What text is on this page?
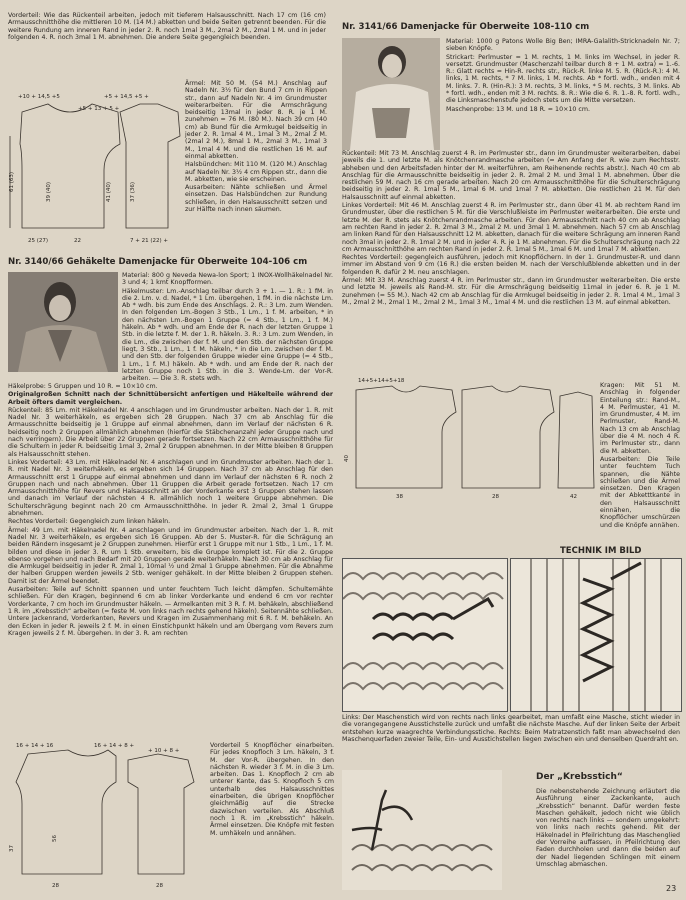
Vorderteil: Wie das Rückenteil arbeiten, jedoch mit tieferem Halsausschnitt. Nach 17 cm (16 cm) Armausschnitthöhe die mittleren 10 M. (14 M.) abketten und beide Seiten getrennt beenden. Für die weitere Rundung am inneren Rand in jeder 2. R. noch 1mal 3 M., 2mal 2 M., 2mal 1 M. und in jeder folgenden 4. R. noch 3mal 1 M. abnehmen. Die andere Seite gegengleich beenden.

Ärmel: Mit 50 M. (54 M.) Anschlag auf Nadeln Nr. 3½ für den Bund 7 cm in Rippen str., dann auf Nadeln Nr. 4 im Grundmuster weiterarbeiten. Für die Armschrägung beidseitig 13mal in jeder 8. R. je 1 M. zunehmen = 76 M. (80 M.). Nach 39 cm (40 cm) ab Bund für die Armkugel beidseitig in jeder 2. R. 1mal 4 M., 1mal 3 M., 2mal 2 M. (2mal 2 M.), 8mal 1 M., 2mal 3 M., 1mal 3 M., 1mal 4 M. und die restlichen 16 M. auf einmal abketten.

Halsbündchen: Mit 110 M. (120 M.) Anschlag auf Nadeln Nr. 3½ 4 cm Rippen str., dann die M. abketten, wie sie erscheinen.

Ausarbeiten: Nähte schließen und Ärmel einsetzen. Das Halsbündchen zur Rundung schließen, in den Halsausschnitt setzen und zur Hälfte nach innen säumen.

+10 + 14,5 +5	+5 + 14,5 +5 +
+5 + 13 + 5 +
61 (63)	39 (40)	41 (40)	37 (36)
25 (27)	22	7 + 21 (22) +
Nr. 3140/66 Gehäkelte Damenjacke für Oberweite 104-106 cm

Material: 800 g Neveda Newa-lon Sport; 1 INOX-Wollhäkelnadel Nr. 3 und 4; 1 kmt Knopfformen.

Häkelmuster: Lm.-Anschlag teilbar durch 3 + 1. — 1. R.: 1 fM. in die 2. Lm. v. d. Nadel, * 1 Lm. übergehen, 1 fM. in die nächste Lm. Ab * wdh. bis zum Ende des Anschlags. 2. R.: 3 Lm. zum Wenden. In den folgenden Lm.-Bogen 3 Stb., 1 Lm., 1 f. M. arbeiten, * in den nächsten Lm.-Bogen 1 Gruppe (= 4 Stb., 1 Lm., 1 f. M.) häkeln. Ab * wdh. und am Ende der R. nach der letzten Gruppe 1 Stb. in die letzte f. M. der 1. R. häkeln. 3. R.: 3 Lm. zum Wenden, in die Lm., die zwischen der f. M. und den Stb. der nächsten Gruppe liegt, 3 Stb., 1 Lm., 1 f. M. häkeln, * in die Lm. zwischen der f. M. und den Stb. der folgenden Gruppe wieder eine Gruppe (= 4 Stb., 1 Lm., 1 f. M.) häkeln. Ab * wdh. und am Ende der R. nach der letzten Gruppe noch 1 Stb. in die 3. Wende-Lm. der Vor-R. arbeiten. — Die 3. R. stets wdh.

Häkelprobe: 5 Gruppen und 10 R. = 10×10 cm.

Originalgroßen Schnitt nach der Schnittübersicht anfertigen und Häkelteile während der Arbeit öfters damit vergleichen.

Rückenteil: 85 Lm. mit Häkelnadel Nr. 4 anschlagen und im Grundmuster arbeiten. Nach der 1. R. mit Nadel Nr. 3 weiterhäkeln, es ergeben sich 28 Gruppen. Nach 37 cm ab Anschlag für die Armausschnitte beidseitig je 1 Gruppe auf einmal abnehmen, dann im Verlauf der nächsten 6 R. beidseitig noch 2 Gruppen allmählich abnehmen (hierfür die Stäbchenanzahl jeder Gruppe nach und nach verringern). Die Arbeit über 22 Gruppen gerade fortsetzen. Nach 22 cm Armausschnitthöhe für die Schultern in jeder R. beidseitig 1mal 3, 2mal 2 Gruppen abnehmen. In der Mitte bleiben 8 Gruppen als Halsausschnitt stehen.

Linkes Vorderteil: 43 Lm. mit Häkelnadel Nr. 4 anschlagen und im Grundmuster arbeiten. Nach der 1. R. mit Nadel Nr. 3 weiterhäkeln, es ergeben sich 14 Gruppen. Nach 37 cm ab Anschlag für den Armausschnitt erst 1 Gruppe auf einmal abnehmen und dann im Verlauf der nächsten 6 R. noch 2 Gruppen nach und nach abnehmen. Über 11 Gruppen die Arbeit gerade fortsetzen. Nach 17 cm Armausschnitthöhe für Revers und Halsausschnitt an der Vorderkante erst 3 Gruppen stehen lassen und danach im Verlauf der nächsten 4 R. allmählich noch 1 weitere Gruppe abnehmen. Die Schulterschrägung beginnt nach 20 cm Armausschnitthöhe. In jeder R. 2mal 2, 3mal 1 Gruppe abnehmen.

Rechtes Vorderteil: Gegengleich zum linken häkeln.

Ärmel: 49 Lm. mit Häkelnadel Nr. 4 anschlagen und im Grundmuster arbeiten. Nach der 1. R. mit Nadel Nr. 3 weiterhäkeln, es ergeben sich 16 Gruppen. Ab der 5. Muster-R. für die Schrägung an beiden Rändern insgesamt je 2 Gruppen zunehmen. Hierfür erst 1 Gruppe mit nur 1 Stb., 1 Lm., 1 f. M. bilden und diese in jeder 3. R. um 1 Stb. erweitern, bis die Gruppe komplett ist. Für die 2. Gruppe ebenso vorgehen und nach Bedarf mit 20 Gruppen gerade weiterhäkeln. Nach 30 cm ab Anschlag für die Armkugel beidseitig in jeder R. 2mal 1, 10mal ½ und 2mal 1 Gruppe abnehmen. Für die Abnahme der halben Gruppen werden jeweils 2 Stb. weniger gehäkelt. In der Mitte bleiben 2 Gruppen stehen. Damit ist der Ärmel beendet.

Ausarbeiten: Teile auf Schnitt spannen und unter feuchtem Tuch leicht dämpfen. Schulternähte schließen. Für den Kragen, beginnend 6 cm ab linker Vorderkante und endend 6 cm vor rechter Vorderkante, 7 cm hoch im Grundmuster häkeln. — Armelkanten mit 3 R. f. M. behäkeln, abschließend 1 R. im „Krebsstich“ arbeiten (= feste M. von links nach rechts gehend häkeln). Seitennähte schließen. Untere Jackenrand, Vorderkanten, Revers und Kragen im Zusammenhang mit 6 R. f. M. behäkeln. An den Ecken in jeder R. jeweils 2 f. M. in einen Einstichpunkt häkeln und am Übergang vom Revers zum Kragen jeweils 2 f. M. übergehen. In der 3. R. am rechten

16 + 14 + 16	16 + 14 + 8 +
+ 10 + 8 +
37
56
28	28

Vorderteil 5 Knopflöcher einarbeiten. Für jedes Knopfloch 3 Lm. häkeln, 3 f. M. der Vor-R. übergehen. In den nächsten R. wieder 3 f. M. in die 3 Lm. arbeiten. Das 1. Knopfloch 2 cm ab unterer Kante, das 5. Knopfloch 5 cm unterhalb des Halsausschnittes einarbeiten, die übrigen Knopflöcher gleichmäßig auf die Strecke dazwischen verteilen. Als Abschluß noch 1 R. im „Krebsstich“ häkeln. Ärmel einsetzen. Die Knöpfe mit festen M. umhäkeln und annähen.

Nr. 3141/66 Damenjacke für Oberweite 108-110 cm

Material: 1000 g Patons Wolle Big Ben; IMRA-Galalith-Stricknadeln Nr. 7; sieben Knöpfe.

Strickart: Perlmuster = 1 M. rechts, 1 M. links im Wechsel, in jeder R. versetzt. Grundmuster (Maschenzahl teilbar durch 8 + 1 M. extra) = 1.-6. R.: Glatt rechts = Hin-R. rechts str., Rück-R. linke M. 5. R. (Rück-R.): 4 M. links, 1 M. rechts, * 7 M. links, 1 M. rechts. Ab * fortl. wdh., enden mit 4 M. links. 7. R. (Hin-R.): 3 M. rechts, 3 M. links, * 5 M. rechts, 3 M. links. Ab * fortl. wdh., enden mit 3 M. rechts. 8. R.: Wie die 6. R. 1.-8. R. fortl. wdh., die Linksmaschenstufe jedoch stets um die Mitte versetzen.

Maschenprobe: 13 M. und 18 R. = 10×10 cm.

Rückenteil: Mit 73 M. Anschlag zuerst 4 R. im Perlmuster str., dann im Grundmuster weiterarbeiten, dabei jeweils die 1. und letzte M. als Knötchenrandmasche arbeiten (= Am Anfang der R. wie zum Rechtsstr. abheben und den Arbeitsfaden hinter der M. weiterführen, am Reihenende rechts abstr.). Nach 40 cm ab Anschlag für die Armausschnitte beidseitig in jeder 2. R. 2mal 2 M. und 3mal 1 M. abnehmen. Über die restlichen 59 M. nach 16 cm gerade arbeiten. Nach 20 cm Armausschnitthöhe für die Schulterschrägung beidseitig in jeder 2. R. 1mal 5 M., 1mal 6 M. und 1mal 7 M. abketten. Die restlichen 21 M. für den Halsausschnitt auf einmal abketten.

Linkes Vorderteil: Mit 46 M. Anschlag zuerst 4 R. im Perlmuster str., dann über 41 M. ab rechtem Rand im Grundmuster, über die restlichen 5 M. für die Verschlußleiste im Perlmuster weiterarbeiten. Die erste und letzte M. der R. stets als Knötchenrandmasche arbeiten. Für den Armausschnitt nach 40 cm ab Anschlag am rechten Rand in jeder 2. R. 2mal 3 M., 2mal 2 M. und 3mal 1 M. abnehmen. Nach 57 cm ab Anschlag am linken Rand für den Halsausschnitt 12 M. abketten, danach für die weitere Schrägung am inneren Rand noch 3mal in jeder 2. R. 1mal 2 M. und in jeder 4. R. je 1 M. abnehmen. Für die Schulterschrägung nach 22 cm Armausschnitthöhe am rechten Rand in jeder 2. R. 1mal 5 M., 1mal 6 M. und 1mal 7 M. abketten.

Rechtes Vorderteil: gegengleich ausführen, jedoch mit Knopflöchern. In der 1. Grundmuster-R. und dann immer im Abstand von 9 cm (16 R.) die ersten beiden M. nach der Verschlußblende abketten und in der folgenden R. dafür 2 M. neu anschlagen.

Ärmel: Mit 33 M. Anschlag zuerst 4 R. im Perlmuster str., dann im Grundmuster weiterarbeiten. Die erste und letzte M. jeweils als Rand-M. str. Für die Armschrägung beidseitig 11mal in jeder 6. R. je 1 M. zunehmen (= 55 M.). Nach 42 cm ab Anschlag für die Armkugel beidseitig in jeder 2. R. 1mal 4 M., 1mal 3 M., 2mal 2 M., 2mal 1 M., 2mal 2 M., 1mal 3 M., 1mal 4 M. und die restlichen 13 M. auf einmal abketten.

14+5+14+5+18
40
38	28	42

Kragen: Mit 51 M. Anschlag in folgender Einteilung str.: Rand-M., 4 M. Perlmuster, 41 M. im Grundmuster, 4 M. im Perlmuster, Rand-M. Nach 13 cm ab Anschlag über die 4 M. noch 4 R. im Perlmuster str., dann die M. abketten.

Ausarbeiten: Die Teile unter feuchtem Tuch spannen, die Nähte schließen und die Ärmel einsetzen. Den Kragen mit der Abketttkante in den Halsausschnitt einnähen, die Knopflöcher umschürzen und die Knöpfe annähen.

TECHNIK IM BILD

Links: Der Maschenstich wird von rechts nach links gearbeitet, man umfaßt eine Masche, sticht wieder in die vorangegangene Ausstichstelle zurück und umfaßt die nächste Masche. Auf der linken Seite der Arbeit entstehen kurze waagrechte Verbindungsstiche. Rechts: Beim Matratzenstich faßt man abwechselnd den Maschenquerfaden zweier Teile, Ein- und Ausstichstellen liegen zwischen ein und denselben Querdraht en.

Der „Krebsstich“

Die nebenstehende Zeichnung erläutert die Ausführung einer Zackenkante, auch „Krebsstich“ benannt. Dafür werden feste Maschen gehäkelt, jedoch nicht wie üblich von rechts nach links — sondern umgekehrt: von links nach rechts gehend. Mit der Häkelnadel in Pfeilrichtung das Maschenglied der Vorreihe auffassen, in Pfeilrichtung den Faden durchholen und dann die beiden auf der Nadel liegenden Schlingen mit einem Umschlag abmaschen.

23
